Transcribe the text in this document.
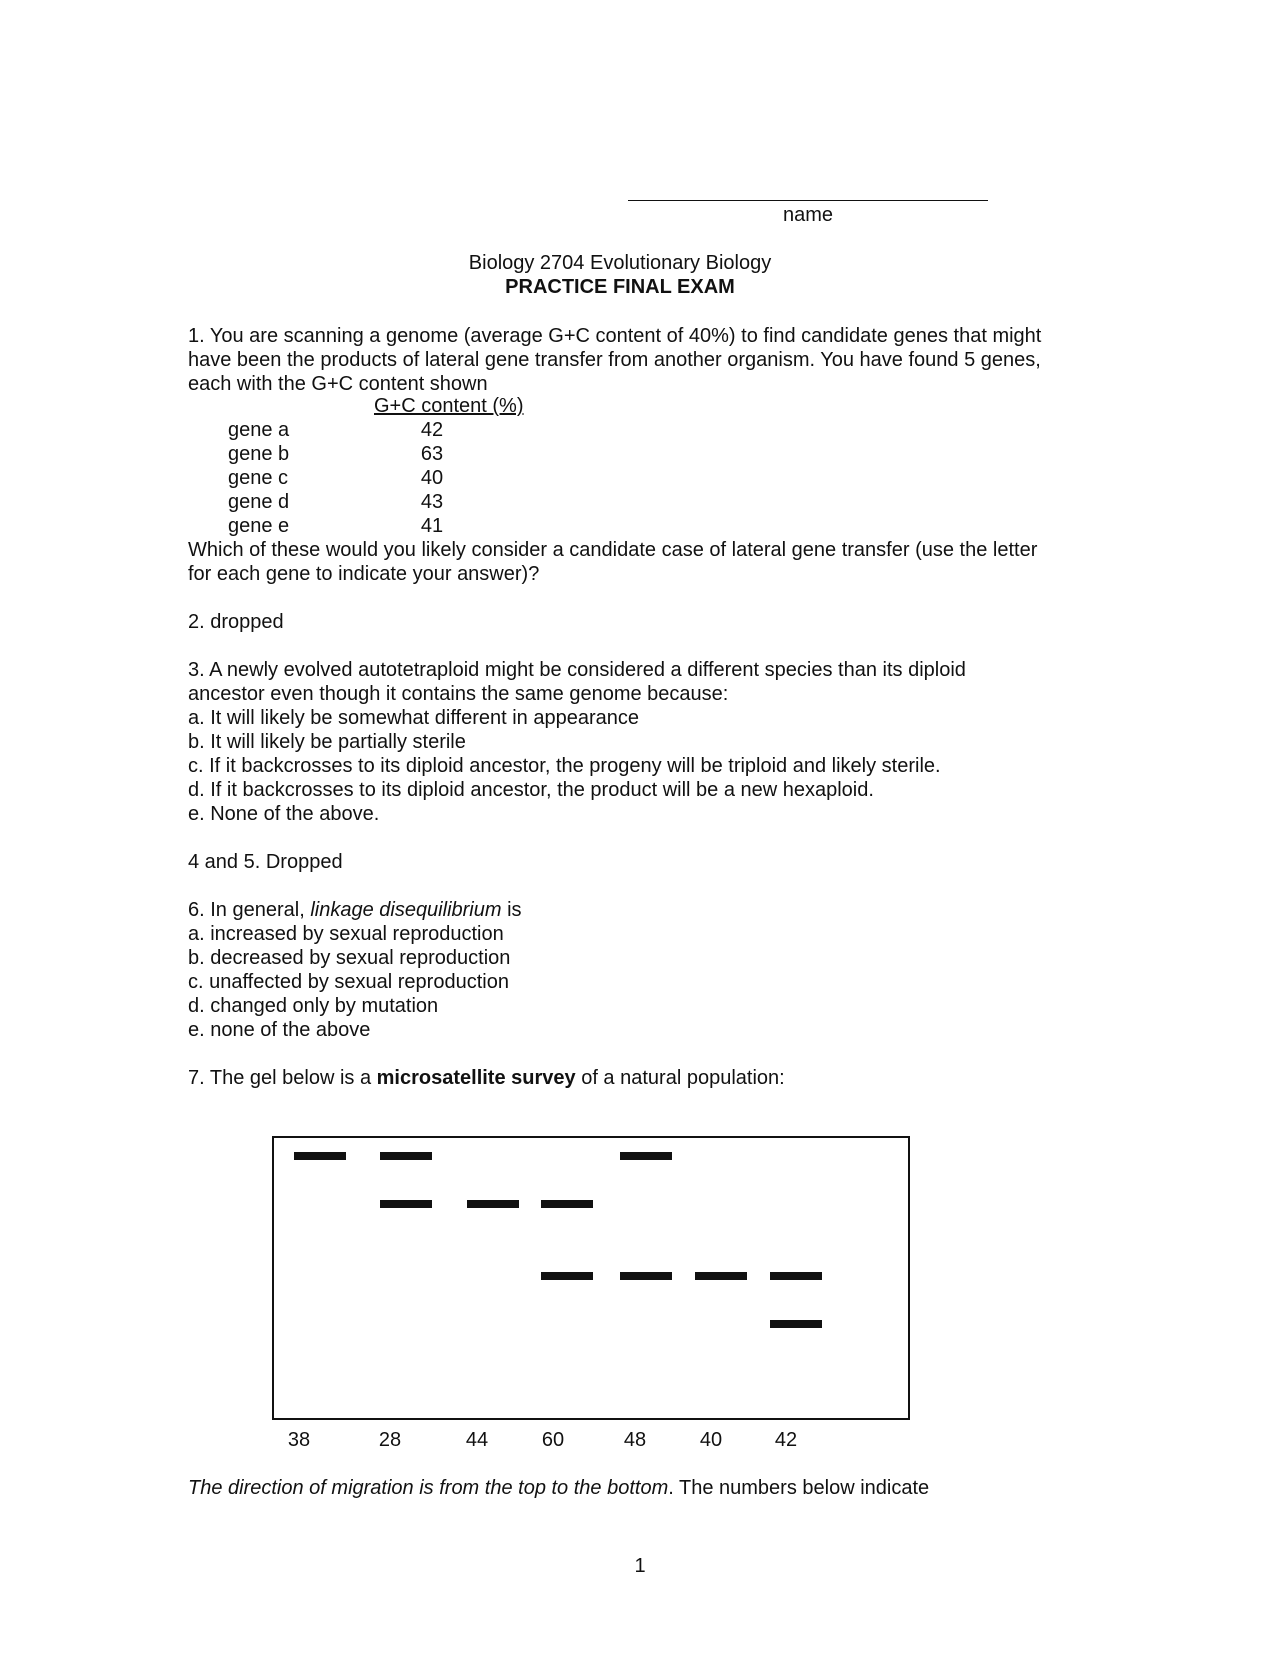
name
Biology 2704 Evolutionary Biology
PRACTICE FINAL EXAM
1. You are scanning a genome (average G+C content of 40%) to find candidate genes that might
have been the products of lateral gene transfer from another organism. You have found 5 genes,
each with the G+C content shown
G+C content (%)
gene a	42
gene b	63
gene c	40
gene d	43
gene e	41
Which of these would you likely consider a candidate case of lateral gene transfer (use the letter
for each gene to indicate your answer)?
2. dropped
3. A newly evolved autotetraploid might be considered a different species than its diploid
ancestor even though it contains the same genome because:
a. It will likely be somewhat different in appearance
b. It will likely be partially sterile
c. If it backcrosses to its diploid ancestor, the progeny will be triploid and likely sterile.
d. If it backcrosses to its diploid ancestor, the product will be a new hexaploid.
e. None of the above.
4 and 5. Dropped
6. In general, linkage disequilibrium is
a. increased by sexual reproduction
b. decreased by sexual reproduction
c. unaffected by sexual reproduction
d. changed only by mutation
e. none of the above
7. The gel below is a microsatellite survey of a natural population:
38	28	44	60	48	40	42
The direction of migration is from the top to the bottom. The numbers below indicate
1
